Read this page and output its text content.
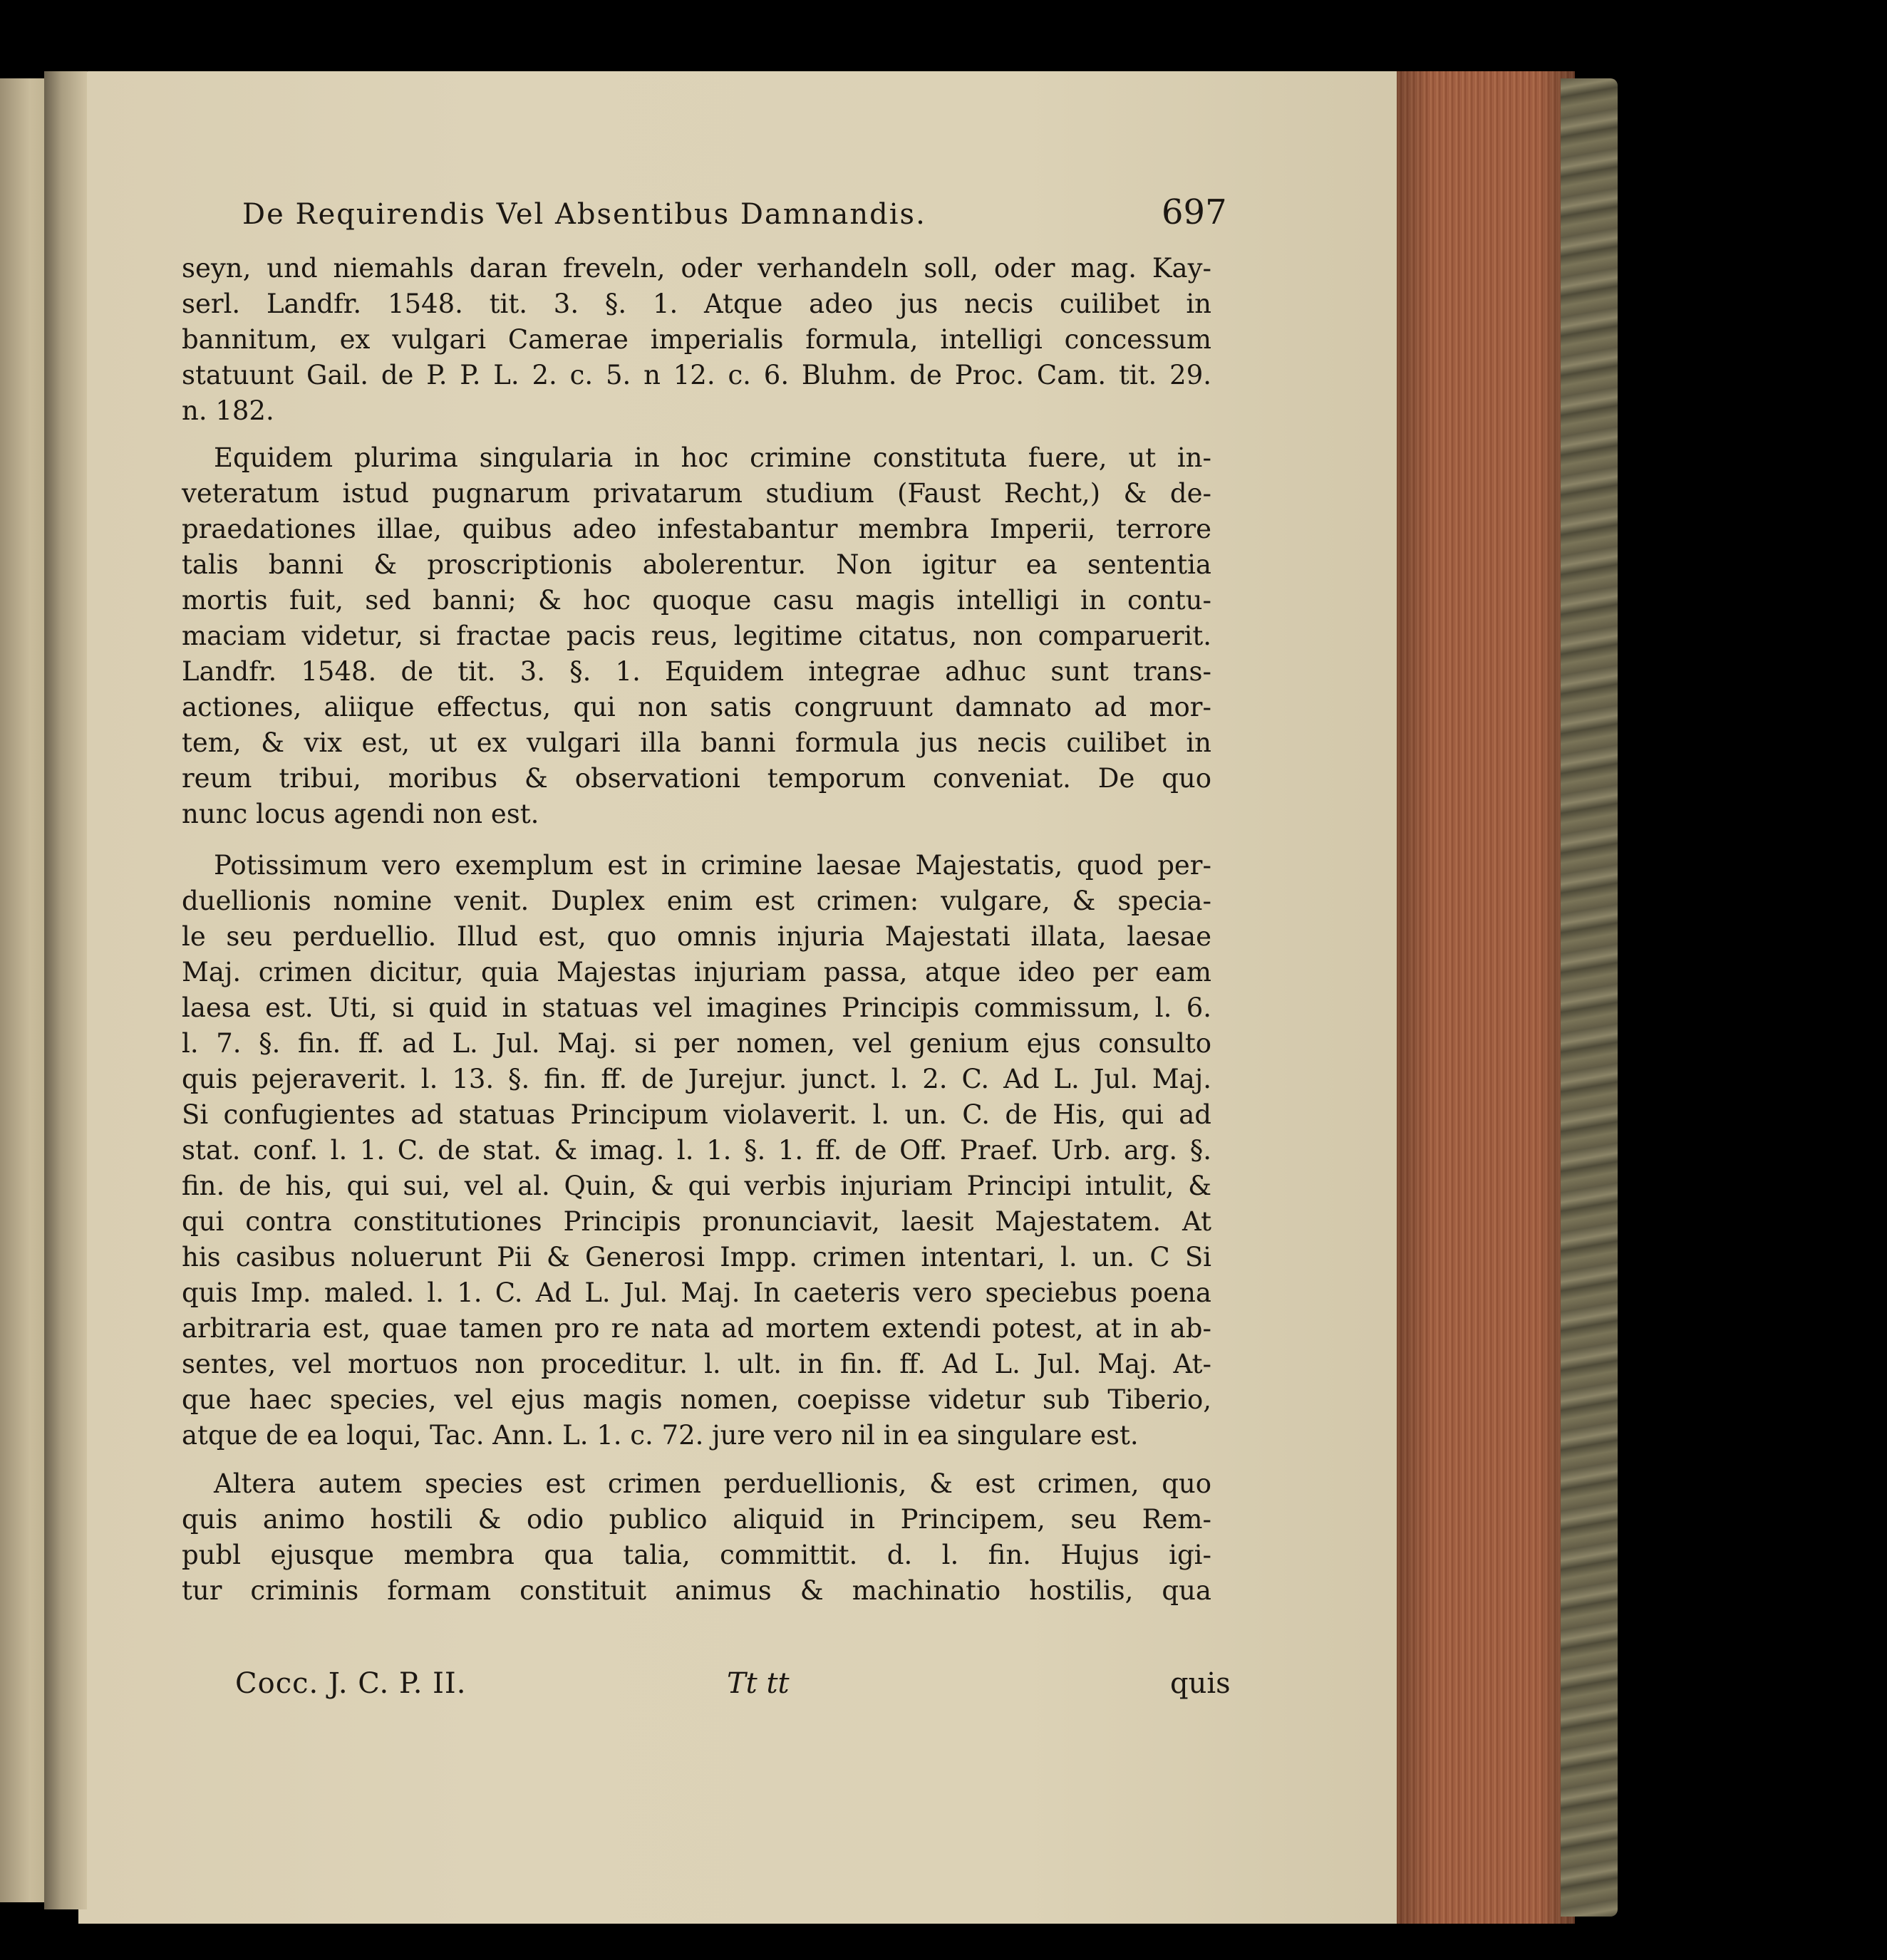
De Requirendis Vel Absentibus Damnandis.	697
seyn, und niemahls daran freveln, oder verhandeln soll, oder mag. Kay-
serl. Landfr. 1548. tit. 3. §. 1. Atque adeo jus necis cuilibet in
bannitum, ex vulgari Camerae imperialis formula, intelligi concessum
statuunt Gail. de P. P. L. 2. c. 5. n 12. c. 6. Bluhm. de Proc. Cam. tit. 29.
n. 182.
Equidem plurima singularia in hoc crimine constituta fuere, ut in-
veteratum istud pugnarum privatarum studium (Faust Recht,) & de-
praedationes illae, quibus adeo infestabantur membra Imperii, terrore
talis banni & proscriptionis abolerentur. Non igitur ea sententia
mortis fuit, sed banni; & hoc quoque casu magis intelligi in contu-
maciam videtur, si fractae pacis reus, legitime citatus, non comparuerit.
Landfr. 1548. de tit. 3. §. 1. Equidem integrae adhuc sunt trans-
actiones, aliique effectus, qui non satis congruunt damnato ad mor-
tem, & vix est, ut ex vulgari illa banni formula jus necis cuilibet in
reum tribui, moribus & observationi temporum conveniat. De quo
nunc locus agendi non est.
Potissimum vero exemplum est in crimine laesae Majestatis, quod per-
duellionis nomine venit. Duplex enim est crimen: vulgare, & specia-
le seu perduellio. Illud est, quo omnis injuria Majestati illata, laesae
Maj. crimen dicitur, quia Majestas injuriam passa, atque ideo per eam
laesa est. Uti, si quid in statuas vel imagines Principis commissum, l. 6.
l. 7. §. fin. ff. ad L. Jul. Maj. si per nomen, vel genium ejus consulto
quis pejeraverit. l. 13. §. fin. ff. de Jurejur. junct. l. 2. C. Ad L. Jul. Maj.
Si confugientes ad statuas Principum violaverit. l. un. C. de His, qui ad
stat. conf. l. 1. C. de stat. & imag. l. 1. §. 1. ff. de Off. Praef. Urb. arg. §.
fin. de his, qui sui, vel al. Quin, & qui verbis injuriam Principi intulit, &
qui contra constitutiones Principis pronunciavit, laesit Majestatem. At
his casibus noluerunt Pii & Generosi Impp. crimen intentari, l. un. C Si
quis Imp. maled. l. 1. C. Ad L. Jul. Maj. In caeteris vero speciebus poena
arbitraria est, quae tamen pro re nata ad mortem extendi potest, at in ab-
sentes, vel mortuos non proceditur. l. ult. in fin. ff. Ad L. Jul. Maj. At-
que haec species, vel ejus magis nomen, coepisse videtur sub Tiberio,
atque de ea loqui, Tac. Ann. L. 1. c. 72. jure vero nil in ea singulare est.
Altera autem species est crimen perduellionis, & est crimen, quo
quis animo hostili & odio publico aliquid in Principem, seu Rem-
publ ejusque membra qua talia, committit. d. l. fin. Hujus igi-
tur criminis formam constituit animus & machinatio hostilis, qua
Cocc. J. C. P. II.	Tt tt	quis
